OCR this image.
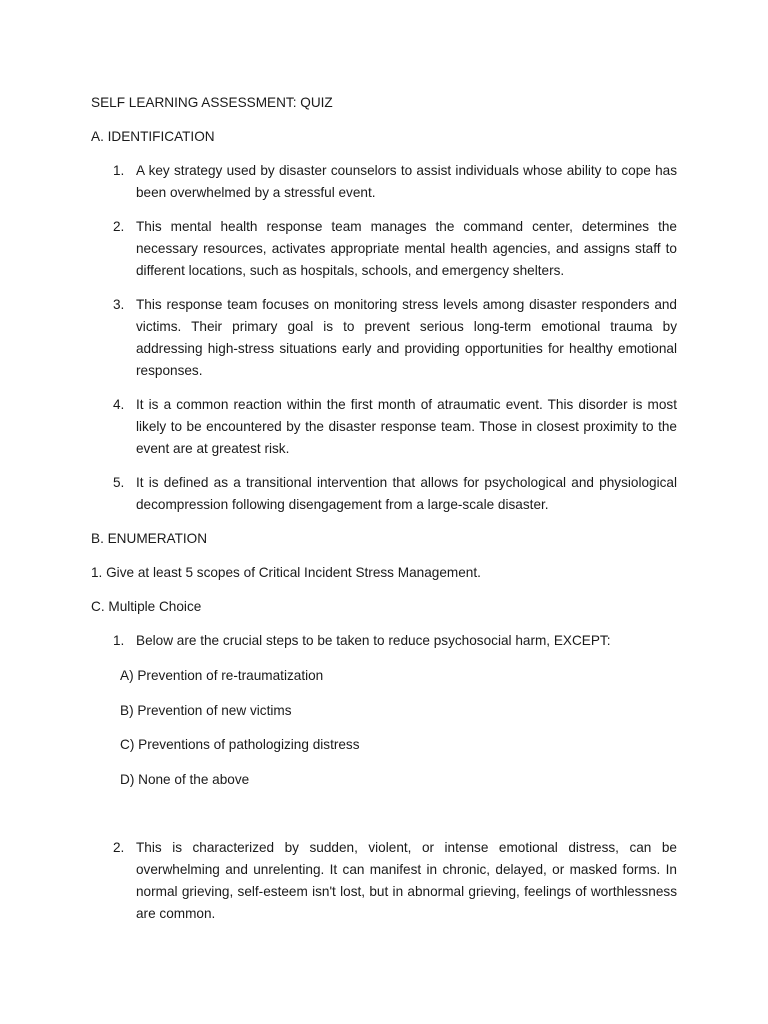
SELF LEARNING ASSESSMENT: QUIZ

A. IDENTIFICATION

1. A key strategy used by disaster counselors to assist individuals whose ability to cope has been overwhelmed by a stressful event.
2. This mental health response team manages the command center, determines the necessary resources, activates appropriate mental health agencies, and assigns staff to different locations, such as hospitals, schools, and emergency shelters.
3. This response team focuses on monitoring stress levels among disaster responders and victims. Their primary goal is to prevent serious long-term emotional trauma by addressing high-stress situations early and providing opportunities for healthy emotional responses.
4. It is a common reaction within the first month of atraumatic event. This disorder is most likely to be encountered by the disaster response team. Those in closest proximity to the event are at greatest risk.
5. It is defined as a transitional intervention that allows for psychological and physiological decompression following disengagement from a large-scale disaster.

B. ENUMERATION

1. Give at least 5 scopes of Critical Incident Stress Management.

C. Multiple Choice

1. Below are the crucial steps to be taken to reduce psychosocial harm, EXCEPT:
A) Prevention of re-traumatization
B) Prevention of new victims
C) Preventions of pathologizing distress
D) None of the above
2. This is characterized by sudden, violent, or intense emotional distress, can be overwhelming and unrelenting. It can manifest in chronic, delayed, or masked forms. In normal grieving, self-esteem isn't lost, but in abnormal grieving, feelings of worthlessness are common.
